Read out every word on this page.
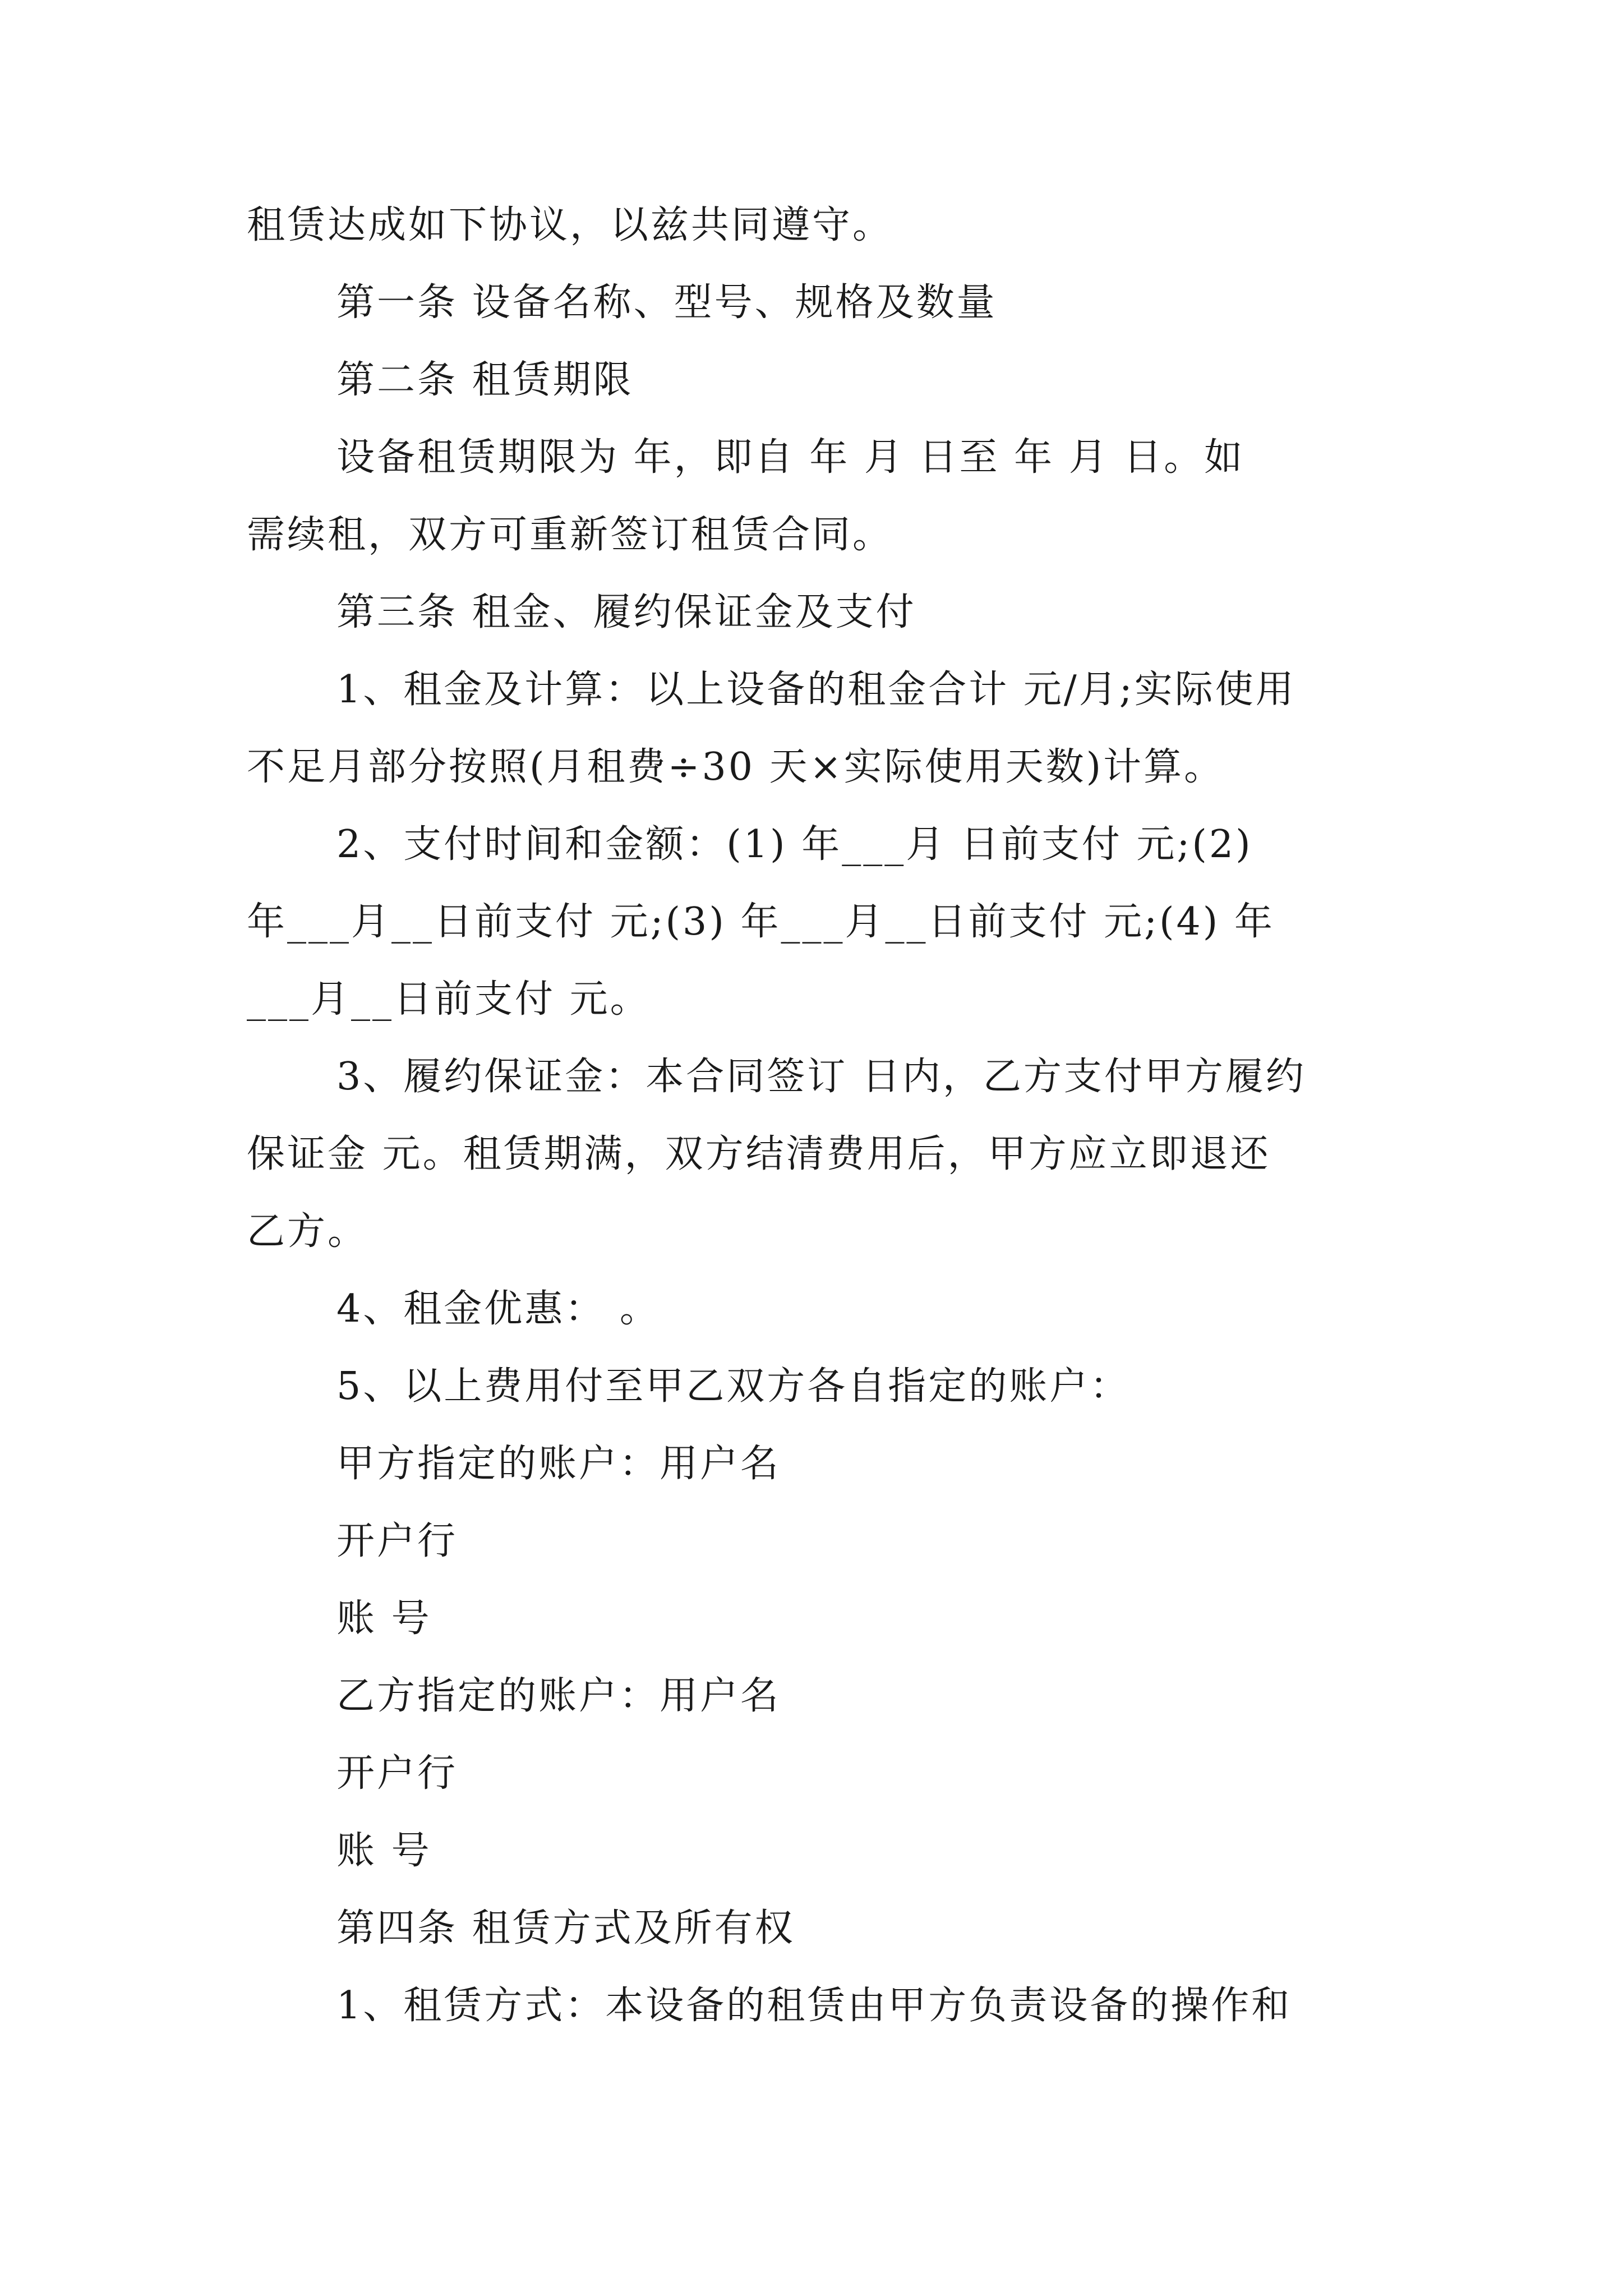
租赁达成如下协议，以兹共同遵守。
第一条 设备名称、型号、规格及数量
第二条 租赁期限
设备租赁期限为 年，即自 年 月 日至 年 月 日。如
需续租，双方可重新签订租赁合同。
第三条 租金、履约保证金及支付
1、租金及计算：以上设备的租金合计 元/月;实际使用
不足月部分按照(月租费÷30 天×实际使用天数)计算。
2、支付时间和金额：(1) 年___月 日前支付 元;(2)
年___月__日前支付 元;(3) 年___月__日前支付 元;(4) 年
___月__日前支付 元。
3、履约保证金：本合同签订 日内，乙方支付甲方履约
保证金 元。租赁期满，双方结清费用后，甲方应立即退还
乙方。
4、租金优惠： 。
5、以上费用付至甲乙双方各自指定的账户：
甲方指定的账户：用户名
开户行
账 号
乙方指定的账户：用户名
开户行
账 号
第四条 租赁方式及所有权
1、租赁方式：本设备的租赁由甲方负责设备的操作和
